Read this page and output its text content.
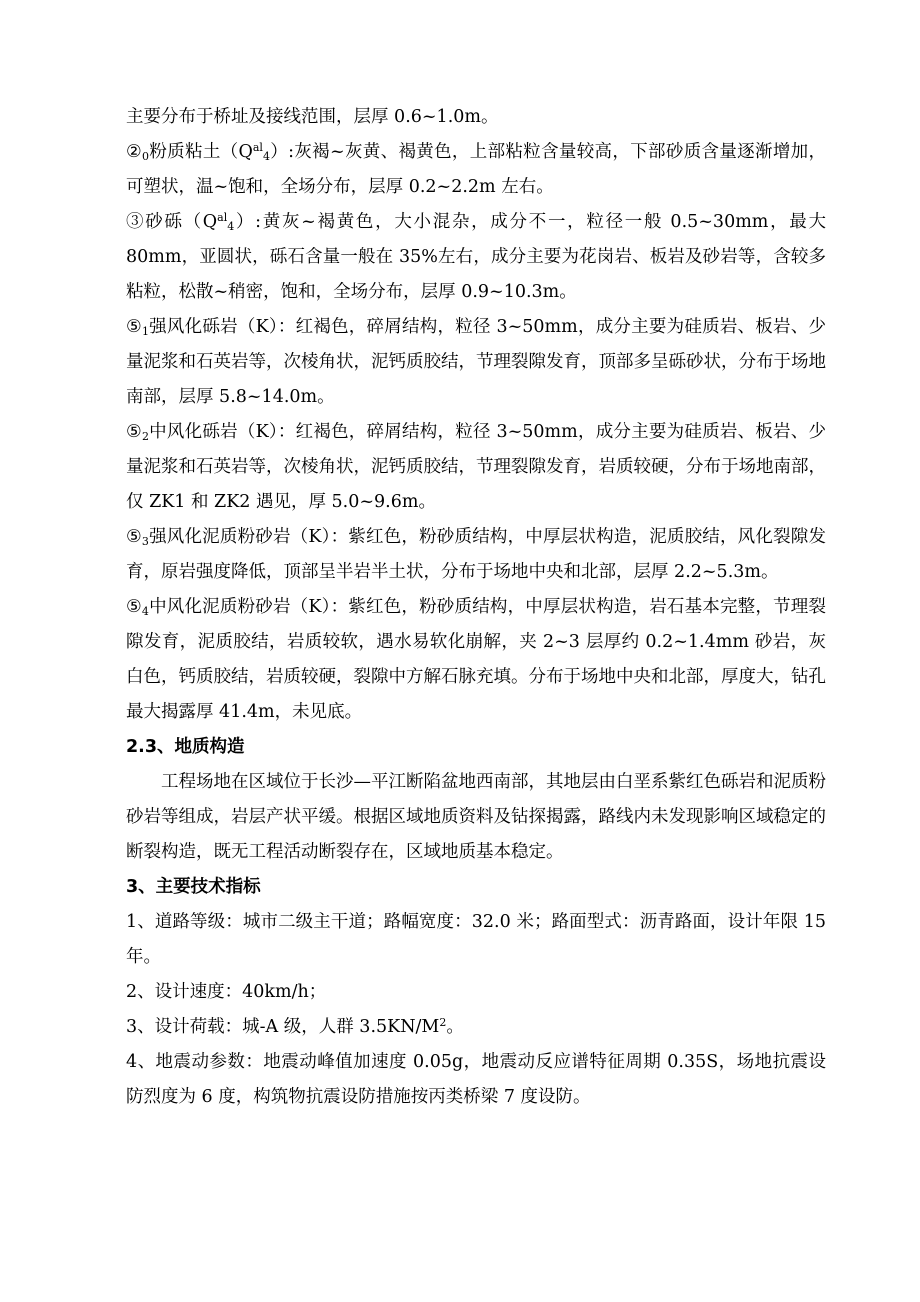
主要分布于桥址及接线范围，层厚 0.6~1.0m。

$②_0$粉质粘土$(Q^{al}_4)$:灰褐~灰黄、褐黄色，上部粘粒含量较高，下部砂质含量逐渐增加，可塑状，温~饱和，全场分布，层厚 0.2~2.2m 左右。

③砂砾$(Q^{al}_4)$:黄灰~褐黄色，大小混杂，成分不一，粒径一般 0.5~30mm，最大 80mm，亚圆状，砾石含量一般在 35%左右，成分主要为花岗岩、板岩及砂岩等，含较多粘粒，松散~稍密，饱和，全场分布，层厚 0.9~10.3m。

$⑤_1$强风化砾岩（K）：红褐色，碎屑结构，粒径 3~50mm，成分主要为硅质岩、板岩、少量泥浆和石英岩等，次棱角状，泥钙质胶结，节理裂隙发育，顶部多呈砾砂状，分布于场地南部，层厚 5.8~14.0m。

$⑤_2$中风化砾岩（K）：红褐色，碎屑结构，粒径 3~50mm，成分主要为硅质岩、板岩、少量泥浆和石英岩等，次棱角状，泥钙质胶结，节理裂隙发育，岩质较硬，分布于场地南部，仅 ZK1 和 ZK2 遇见，厚 5.0~9.6m。

$⑤_3$强风化泥质粉砂岩（K）：紫红色，粉砂质结构，中厚层状构造，泥质胶结，风化裂隙发育，原岩强度降低，顶部呈半岩半土状，分布于场地中央和北部，层厚 2.2~5.3m。

$⑤_4$中风化泥质粉砂岩（K）：紫红色，粉砂质结构，中厚层状构造，岩石基本完整，节理裂隙发育，泥质胶结，岩质较软，遇水易软化崩解，夹 2~3 层厚约 0.2~1.4mm 砂岩，灰白色，钙质胶结，岩质较硬，裂隙中方解石脉充填。分布于场地中央和北部，厚度大，钻孔最大揭露厚 41.4m，未见底。

2.3、地质构造

工程场地在区域位于长沙—平江断陷盆地西南部，其地层由白垩系紫红色砾岩和泥质粉砂岩等组成，岩层产状平缓。根据区域地质资料及钻探揭露，路线内未发现影响区域稳定的断裂构造，既无工程活动断裂存在，区域地质基本稳定。

3、主要技术指标

1、道路等级：城市二级主干道；路幅宽度：32.0 米；路面型式：沥青路面，设计年限 15 年。

2、设计速度：40km/h；

3、设计荷载：城-A 级，人群 $3.5KN/M^2$。

4、地震动参数：地震动峰值加速度 0.05g，地震动反应谱特征周期 0.35S，场地抗震设防烈度为 6 度，构筑物抗震设防措施按丙类桥梁 7 度设防。
